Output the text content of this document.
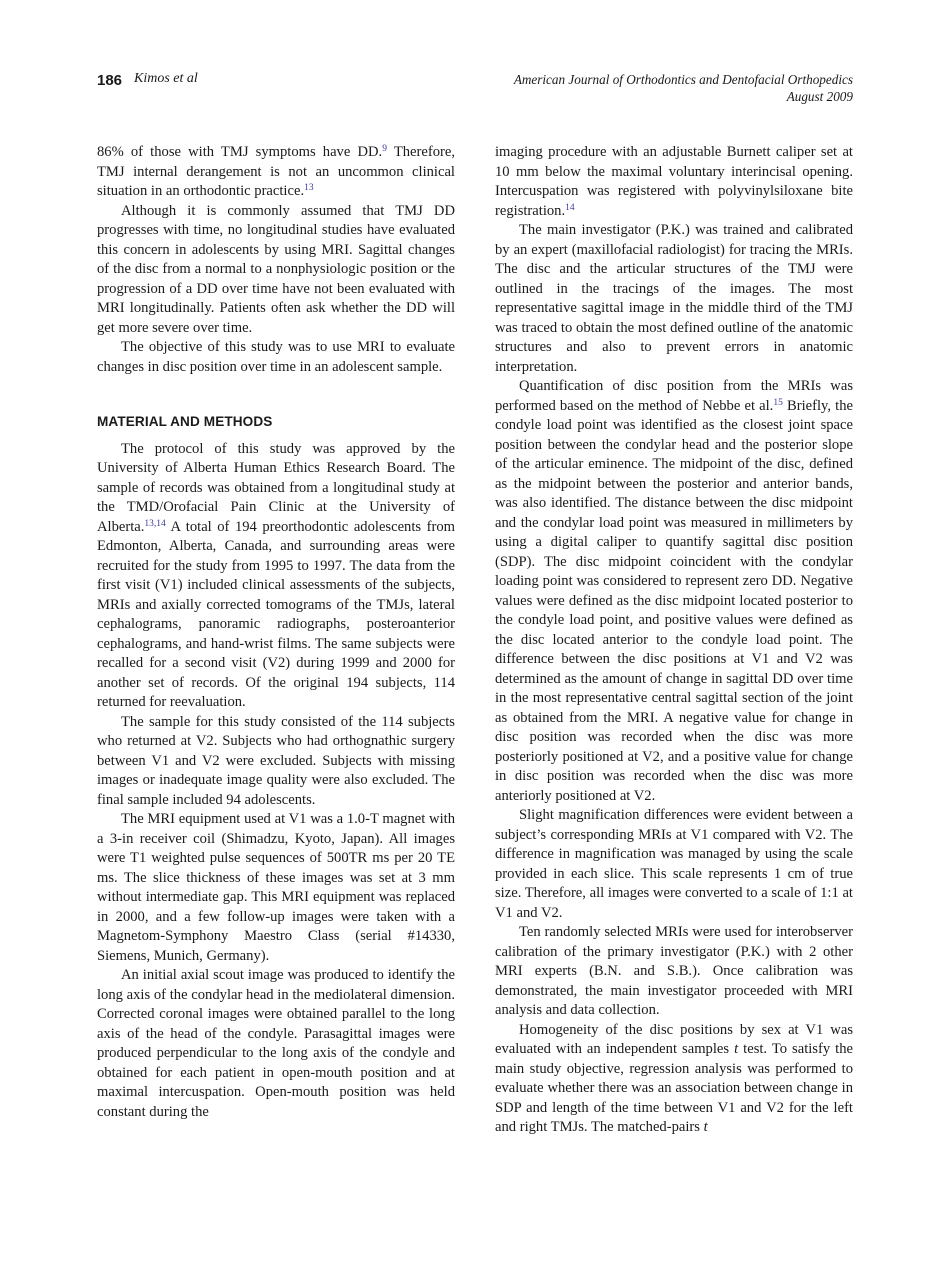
186 Kimos et al	American Journal of Orthodontics and Dentofacial Orthopedics
August 2009

86% of those with TMJ symptoms have DD.$^9$ Therefore, TMJ internal derangement is not an uncommon clinical situation in an orthodontic practice.$^{13}$

Although it is commonly assumed that TMJ DD progresses with time, no longitudinal studies have evaluated this concern in adolescents by using MRI. Sagittal changes of the disc from a normal to a nonphysiologic position or the progression of a DD over time have not been evaluated with MRI longitudinally. Patients often ask whether the DD will get more severe over time.

The objective of this study was to use MRI to evaluate changes in disc position over time in an adolescent sample.

MATERIAL AND METHODS

The protocol of this study was approved by the University of Alberta Human Ethics Research Board. The sample of records was obtained from a longitudinal study at the TMD/Orofacial Pain Clinic at the University of Alberta.$^{13,14}$ A total of 194 preorthodontic adolescents from Edmonton, Alberta, Canada, and surrounding areas were recruited for the study from 1995 to 1997. The data from the first visit (V1) included clinical assessments of the subjects, MRIs and axially corrected tomograms of the TMJs, lateral cephalograms, panoramic radiographs, posteroanterior cephalograms, and hand-wrist films. The same subjects were recalled for a second visit (V2) during 1999 and 2000 for another set of records. Of the original 194 subjects, 114 returned for reevaluation.

The sample for this study consisted of the 114 subjects who returned at V2. Subjects who had orthognathic surgery between V1 and V2 were excluded. Subjects with missing images or inadequate image quality were also excluded. The final sample included 94 adolescents.

The MRI equipment used at V1 was a 1.0-T magnet with a 3-in receiver coil (Shimadzu, Kyoto, Japan). All images were T1 weighted pulse sequences of 500TR ms per 20 TE ms. The slice thickness of these images was set at 3 mm without intermediate gap. This MRI equipment was replaced in 2000, and a few follow-up images were taken with a Magnetom-Symphony Maestro Class (serial #14330, Siemens, Munich, Germany).

An initial axial scout image was produced to identify the long axis of the condylar head in the mediolateral dimension. Corrected coronal images were obtained parallel to the long axis of the head of the condyle. Parasagittal images were produced perpendicular to the long axis of the condyle and obtained for each patient in open-mouth position and at maximal intercuspation. Open-mouth position was held constant during the

imaging procedure with an adjustable Burnett caliper set at 10 mm below the maximal voluntary interincisal opening. Intercuspation was registered with polyvinylsiloxane bite registration.$^{14}$

The main investigator (P.K.) was trained and calibrated by an expert (maxillofacial radiologist) for tracing the MRIs. The disc and the articular structures of the TMJ were outlined in the tracings of the images. The most representative sagittal image in the middle third of the TMJ was traced to obtain the most defined outline of the anatomic structures and also to prevent errors in anatomic interpretation.

Quantification of disc position from the MRIs was performed based on the method of Nebbe et al.$^{15}$ Briefly, the condyle load point was identified as the closest joint space position between the condylar head and the posterior slope of the articular eminence. The midpoint of the disc, defined as the midpoint between the posterior and anterior bands, was also identified. The distance between the disc midpoint and the condylar load point was measured in millimeters by using a digital caliper to quantify sagittal disc position (SDP). The disc midpoint coincident with the condylar loading point was considered to represent zero DD. Negative values were defined as the disc midpoint located posterior to the condyle load point, and positive values were defined as the disc located anterior to the condyle load point. The difference between the disc positions at V1 and V2 was determined as the amount of change in sagittal DD over time in the most representative central sagittal section of the joint as obtained from the MRI. A negative value for change in disc position was recorded when the disc was more posteriorly positioned at V2, and a positive value for change in disc position was recorded when the disc was more anteriorly positioned at V2.

Slight magnification differences were evident between a subject’s corresponding MRIs at V1 compared with V2. The difference in magnification was managed by using the scale provided in each slice. This scale represents 1 cm of true size. Therefore, all images were converted to a scale of 1:1 at V1 and V2.

Ten randomly selected MRIs were used for interobserver calibration of the primary investigator (P.K.) with 2 other MRI experts (B.N. and S.B.). Once calibration was demonstrated, the main investigator proceeded with MRI analysis and data collection.

Homogeneity of the disc positions by sex at V1 was evaluated with an independent samples t test. To satisfy the main study objective, regression analysis was performed to evaluate whether there was an association between change in SDP and length of the time between V1 and V2 for the left and right TMJs. The matched-pairs t
